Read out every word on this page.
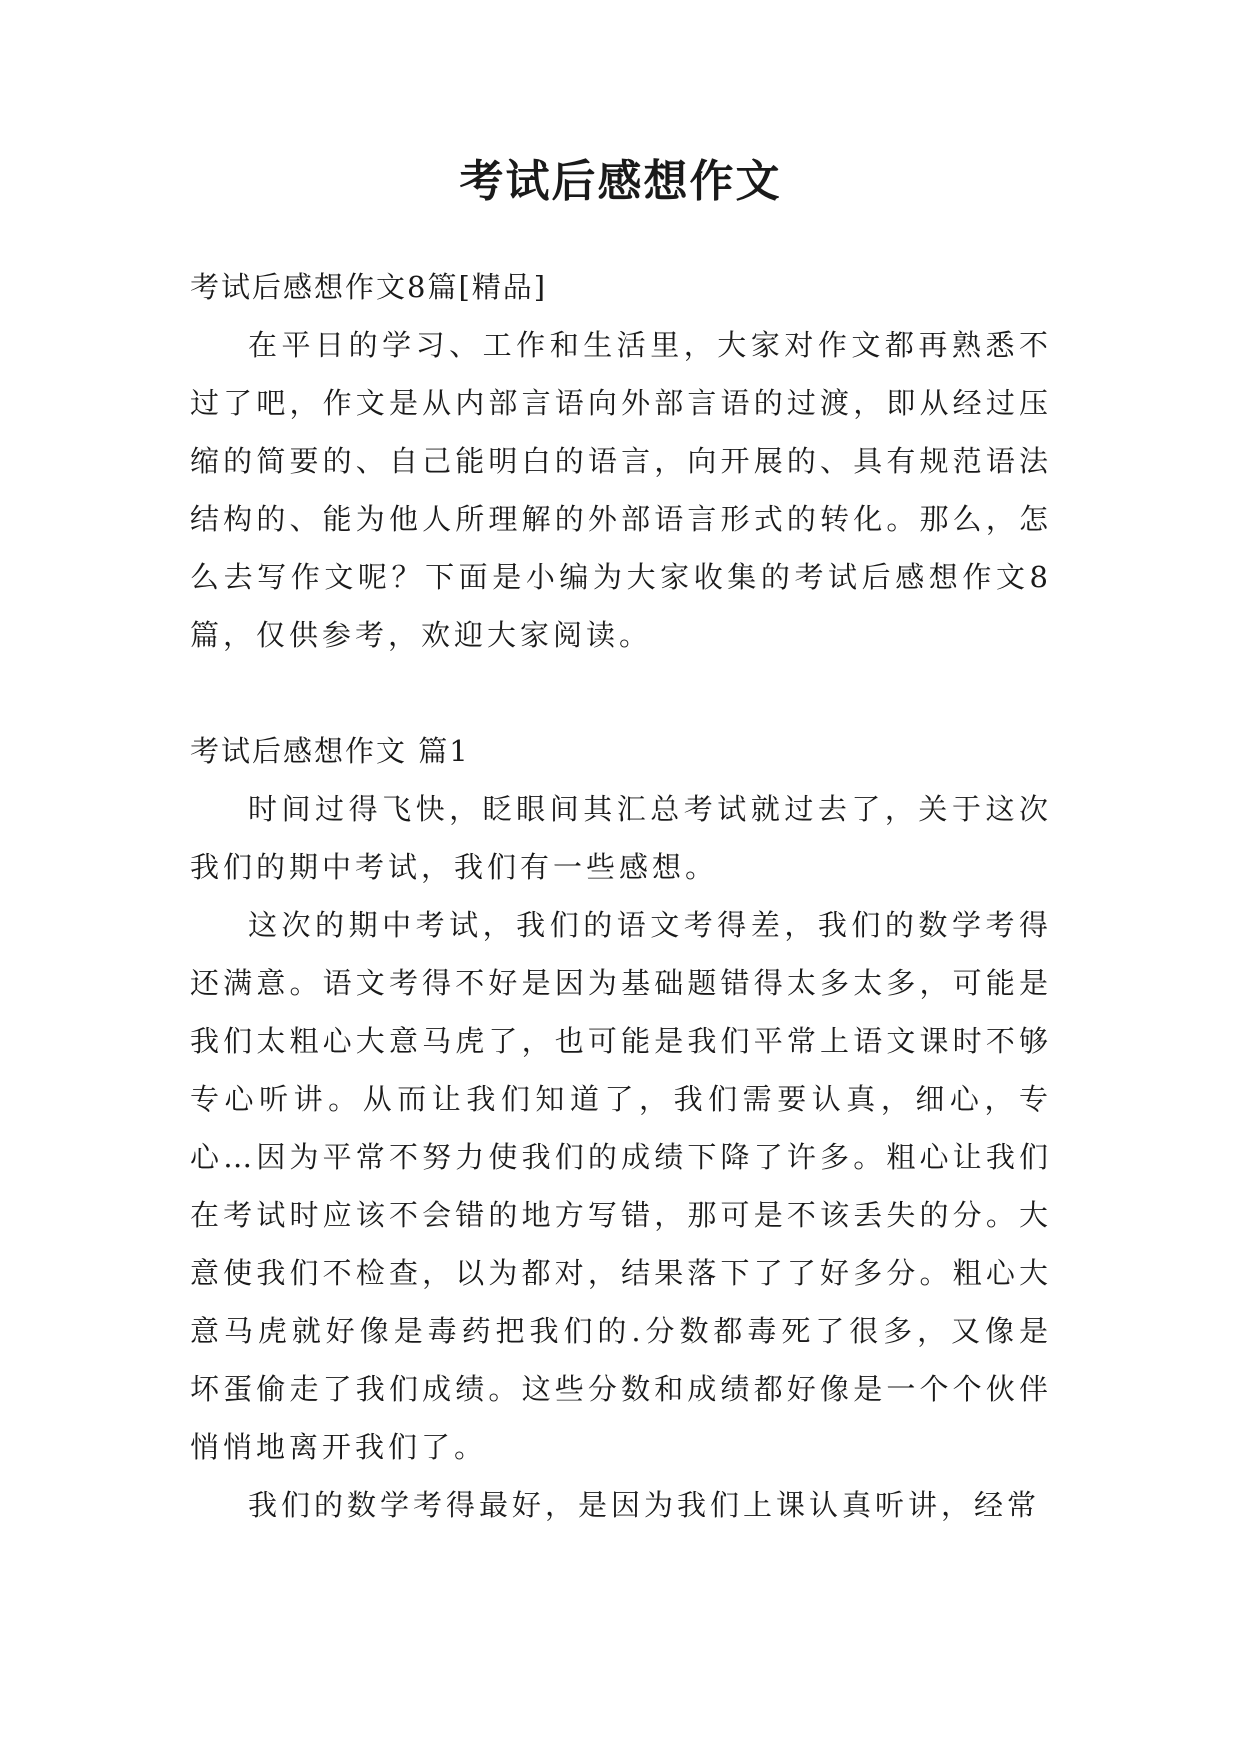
考试后感想作文

考试后感想作文8篇[精品]

在平日的学习、工作和生活里，大家对作文都再熟悉不过了吧，作文是从内部言语向外部言语的过渡，即从经过压缩的简要的、自己能明白的语言，向开展的、具有规范语法结构的、能为他人所理解的外部语言形式的转化。那么，怎么去写作文呢？下面是小编为大家收集的考试后感想作文8篇，仅供参考，欢迎大家阅读。

考试后感想作文 篇1

时间过得飞快，眨眼间其汇总考试就过去了，关于这次我们的期中考试，我们有一些感想。

这次的期中考试，我们的语文考得差，我们的数学考得还满意。语文考得不好是因为基础题错得太多太多，可能是我们太粗心大意马虎了，也可能是我们平常上语文课时不够专心听讲。从而让我们知道了，我们需要认真，细心，专心…因为平常不努力使我们的成绩下降了许多。粗心让我们在考试时应该不会错的地方写错，那可是不该丢失的分。大意使我们不检查，以为都对，结果落下了了好多分。粗心大意马虎就好像是毒药把我们的.分数都毒死了很多，又像是坏蛋偷走了我们成绩。这些分数和成绩都好像是一个个伙伴悄悄地离开我们了。

我们的数学考得最好，是因为我们上课认真听讲，经常
